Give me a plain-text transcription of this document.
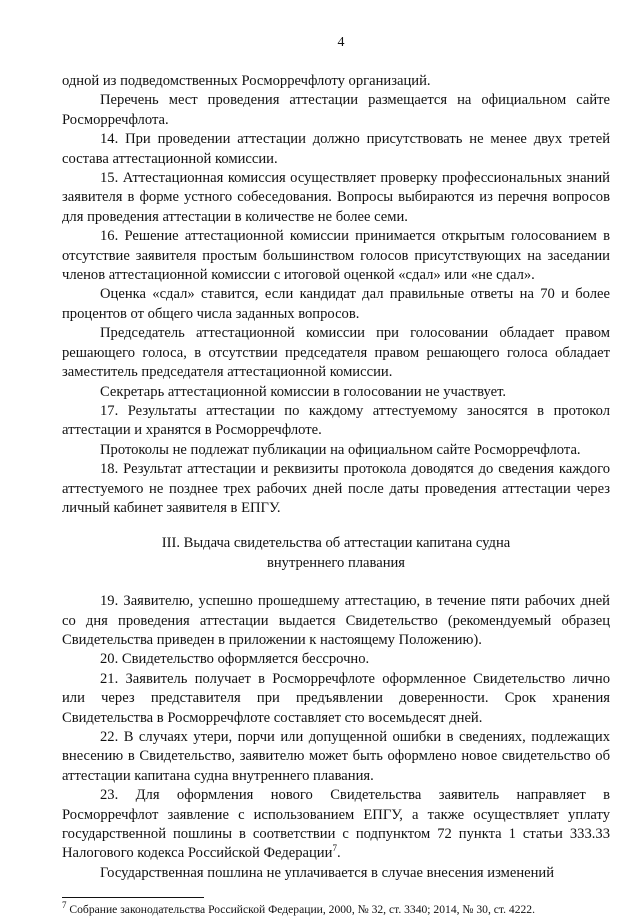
4

одной из подведомственных Росморречфлоту организаций.

Перечень мест проведения аттестации размещается на официальном сайте Росморречфлота.

14. При проведении аттестации должно присутствовать не менее двух третей состава аттестационной комиссии.

15. Аттестационная комиссия осуществляет проверку профессиональных знаний заявителя в форме устного собеседования. Вопросы выбираются из перечня вопросов для проведения аттестации в количестве не более семи.

16. Решение аттестационной комиссии принимается открытым голосованием в отсутствие заявителя простым большинством голосов присутствующих на заседании членов аттестационной комиссии с итоговой оценкой «сдал» или «не сдал».

Оценка «сдал» ставится, если кандидат дал правильные ответы на 70 и более процентов от общего числа заданных вопросов.

Председатель аттестационной комиссии при голосовании обладает правом решающего голоса, в отсутствии председателя правом решающего голоса обладает заместитель председателя аттестационной комиссии.

Секретарь аттестационной комиссии в голосовании не участвует.

17. Результаты аттестации по каждому аттестуемому заносятся в протокол аттестации и хранятся в Росморречфлоте.

Протоколы не подлежат публикации на официальном сайте Росморречфлота.

18. Результат аттестации и реквизиты протокола доводятся до сведения каждого аттестуемого не позднее трех рабочих дней после даты проведения аттестации через личный кабинет заявителя в ЕПГУ.

III. Выдача свидетельства об аттестации капитана судна
внутреннего плавания

19. Заявителю, успешно прошедшему аттестацию, в течение пяти рабочих дней со дня проведения аттестации выдается Свидетельство (рекомендуемый образец Свидетельства приведен в приложении к настоящему Положению).

20. Свидетельство оформляется бессрочно.

21. Заявитель получает в Росморречфлоте оформленное Свидетельство лично или через представителя при предъявлении доверенности. Срок хранения Свидетельства в Росморречфлоте составляет сто восемьдесят дней.

22. В случаях утери, порчи или допущенной ошибки в сведениях, подлежащих внесению в Свидетельство, заявителю может быть оформлено новое свидетельство об аттестации капитана судна внутреннего плавания.

23. Для оформления нового Свидетельства заявитель направляет в Росморречфлот заявление с использованием ЕПГУ, а также осуществляет уплату государственной пошлины в соответствии с подпунктом 72 пункта 1 статьи 333.33 Налогового кодекса Российской Федерации$^7$.

Государственная пошлина не уплачивается в случае внесения изменений

$^7$ Собрание законодательства Российской Федерации, 2000, № 32, ст. 3340; 2014, № 30, ст. 4222.
